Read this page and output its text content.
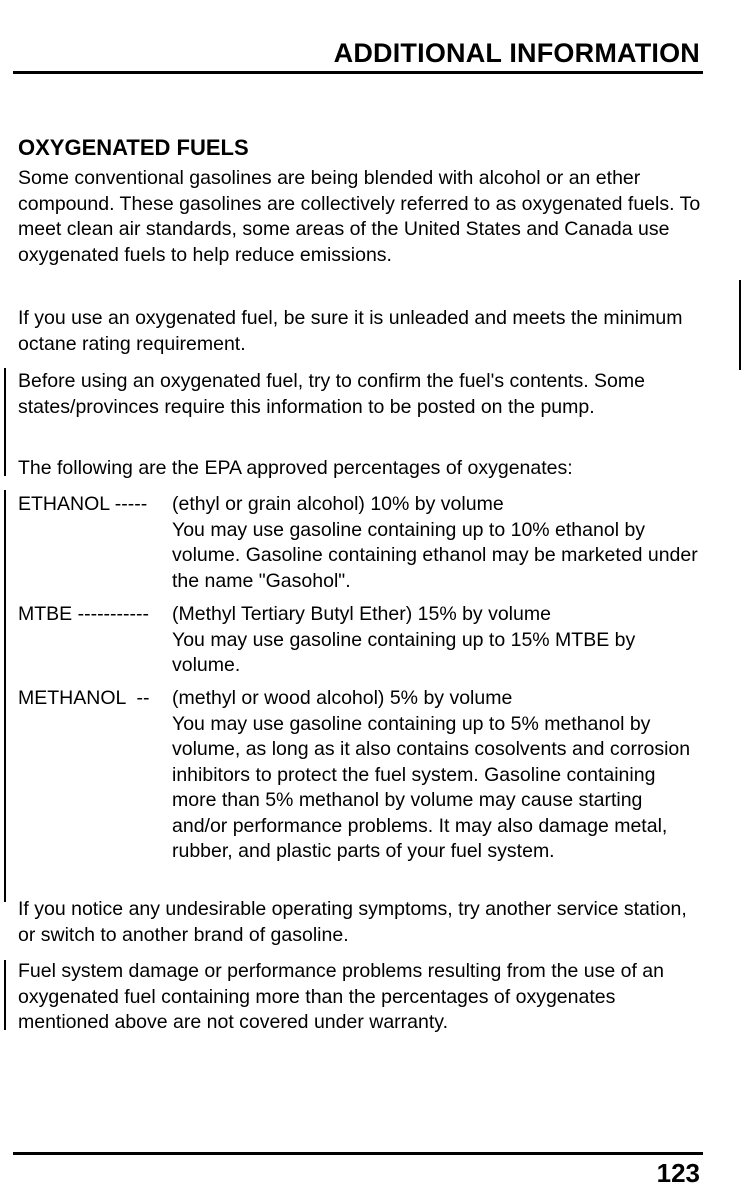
ADDITIONAL INFORMATION
OXYGENATED FUELS

Some conventional gasolines are being blended with alcohol or an ether compound. These gasolines are collectively referred to as oxygenated fuels. To meet clean air standards, some areas of the United States and Canada use oxygenated fuels to help reduce emissions.

If you use an oxygenated fuel, be sure it is unleaded and meets the minimum octane rating requirement.

Before using an oxygenated fuel, try to confirm the fuel's contents. Some states/provinces require this information to be posted on the pump.

The following are the EPA approved percentages of oxygenates:

ETHANOL ----- (ethyl or grain alcohol) 10% by volume
You may use gasoline containing up to 10% ethanol by volume. Gasoline containing ethanol may be marketed under the name "Gasohol".
MTBE ----------- (Methyl Tertiary Butyl Ether) 15% by volume
You may use gasoline containing up to 15% MTBE by volume.
METHANOL  -- (methyl or wood alcohol) 5% by volume
You may use gasoline containing up to 5% methanol by volume, as long as it also contains cosolvents and corrosion inhibitors to protect the fuel system. Gasoline containing more than 5% methanol by volume may cause starting and/or performance problems. It may also damage metal, rubber, and plastic parts of your fuel system.

If you notice any undesirable operating symptoms, try another service station, or switch to another brand of gasoline.

Fuel system damage or performance problems resulting from the use of an oxygenated fuel containing more than the percentages of oxygenates mentioned above are not covered under warranty.

123
